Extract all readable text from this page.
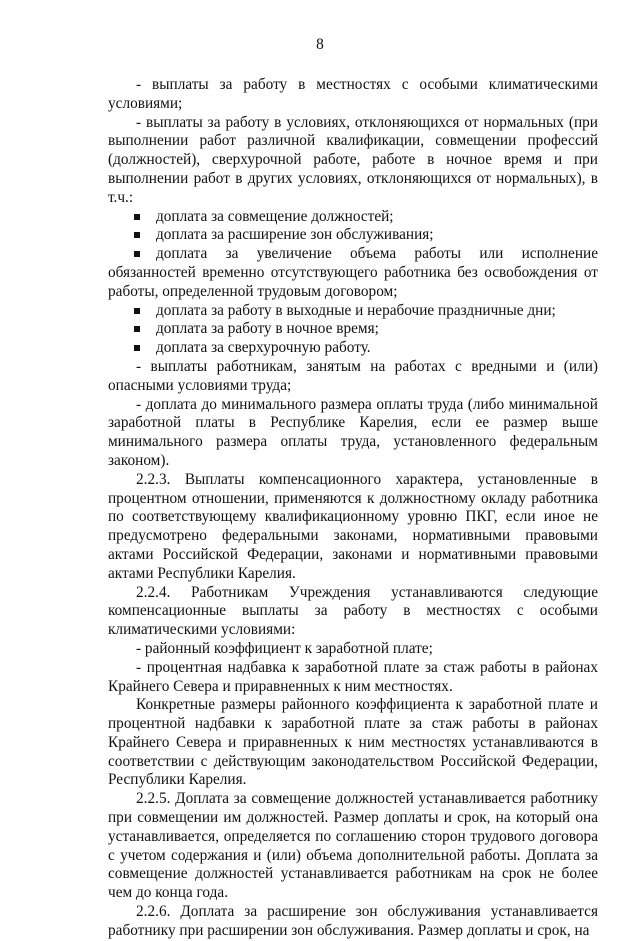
8

- выплаты за работу в местностях с особыми климатическими условиями;

- выплаты за работу в условиях, отклоняющихся от нормальных (при выполнении работ различной квалификации, совмещении профессий (должностей), сверхурочной работе, работе в ночное время и при выполнении работ в других условиях, отклоняющихся от нормальных), в т.ч.:

доплата за совмещение должностей;

доплата за расширение зон обслуживания;

доплата за увеличение объема работы или исполнение обязанностей временно отсутствующего работника без освобождения от работы, определенной трудовым договором;

доплата за работу в выходные и нерабочие праздничные дни;

доплата за работу в ночное время;

доплата за сверхурочную работу.

- выплаты работникам, занятым на работах с вредными и (или) опасными условиями труда;

- доплата до минимального размера оплаты труда (либо минимальной заработной платы в Республике Карелия, если ее размер выше минимального размера оплаты труда, установленного федеральным законом).

2.2.3. Выплаты компенсационного характера, установленные в процентном отношении, применяются к должностному окладу работника по соответствующему квалификационному уровню ПКГ, если иное не предусмотрено федеральными законами, нормативными правовыми актами Российской Федерации, законами и нормативными правовыми актами Республики Карелия.

2.2.4. Работникам Учреждения устанавливаются следующие компенсационные выплаты за работу в местностях с особыми климатическими условиями:

- районный коэффициент к заработной плате;

- процентная надбавка к заработной плате за стаж работы в районах Крайнего Севера и приравненных к ним местностях.

Конкретные размеры районного коэффициента к заработной плате и процентной надбавки к заработной плате за стаж работы в районах Крайнего Севера и приравненных к ним местностях устанавливаются в соответствии с действующим законодательством Российской Федерации, Республики Карелия.

2.2.5. Доплата за совмещение должностей устанавливается работнику при совмещении им должностей. Размер доплаты и срок, на который она устанавливается, определяется по соглашению сторон трудового договора с учетом содержания и (или) объема дополнительной работы. Доплата за совмещение должностей устанавливается работникам на срок не более чем до конца года.

2.2.6. Доплата за расширение зон обслуживания устанавливается работнику при расширении зон обслуживания. Размер доплаты и срок, на
